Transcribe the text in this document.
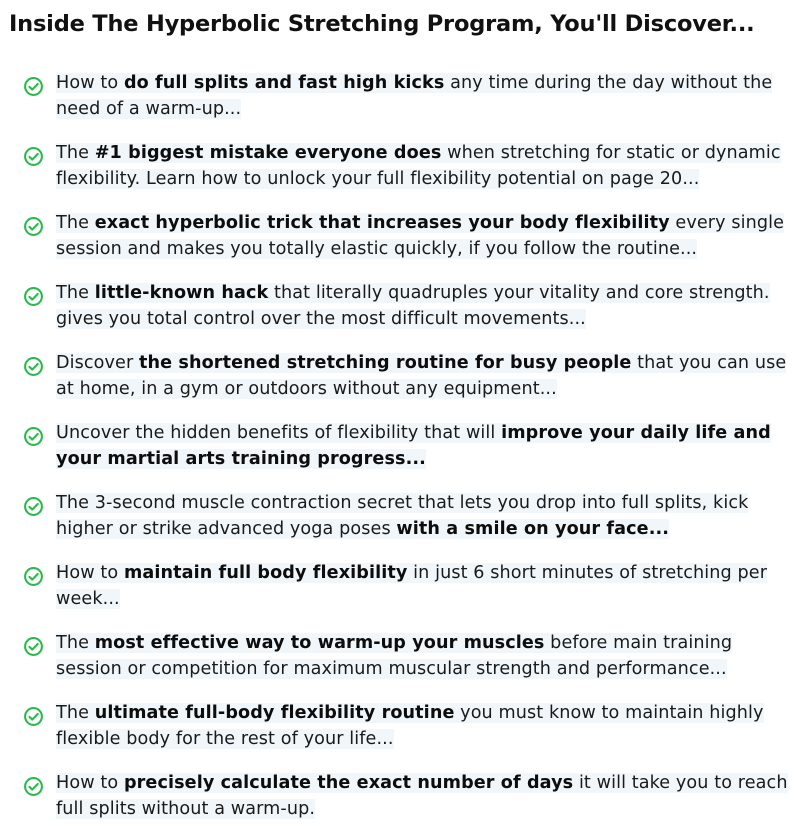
Inside The Hyperbolic Stretching Program, You'll Discover...
How to do full splits and fast high kicks any time during the day without the need of a warm-up...
The #1 biggest mistake everyone does when stretching for static or dynamic flexibility. Learn how to unlock your full flexibility potential on page 20...
The exact hyperbolic trick that increases your body flexibility every single session and makes you totally elastic quickly, if you follow the routine...
The little-known hack that literally quadruples your vitality and core strength. gives you total control over the most difficult movements...
Discover the shortened stretching routine for busy people that you can use at home, in a gym or outdoors without any equipment...
Uncover the hidden benefits of flexibility that will improve your daily life and your martial arts training progress...
The 3-second muscle contraction secret that lets you drop into full splits, kick higher or strike advanced yoga poses with a smile on your face...
How to maintain full body flexibility in just 6 short minutes of stretching per week...
The most effective way to warm-up your muscles before main training session or competition for maximum muscular strength and performance...
The ultimate full-body flexibility routine you must know to maintain highly flexible body for the rest of your life...
How to precisely calculate the exact number of days it will take you to reach full splits without a warm-up.
